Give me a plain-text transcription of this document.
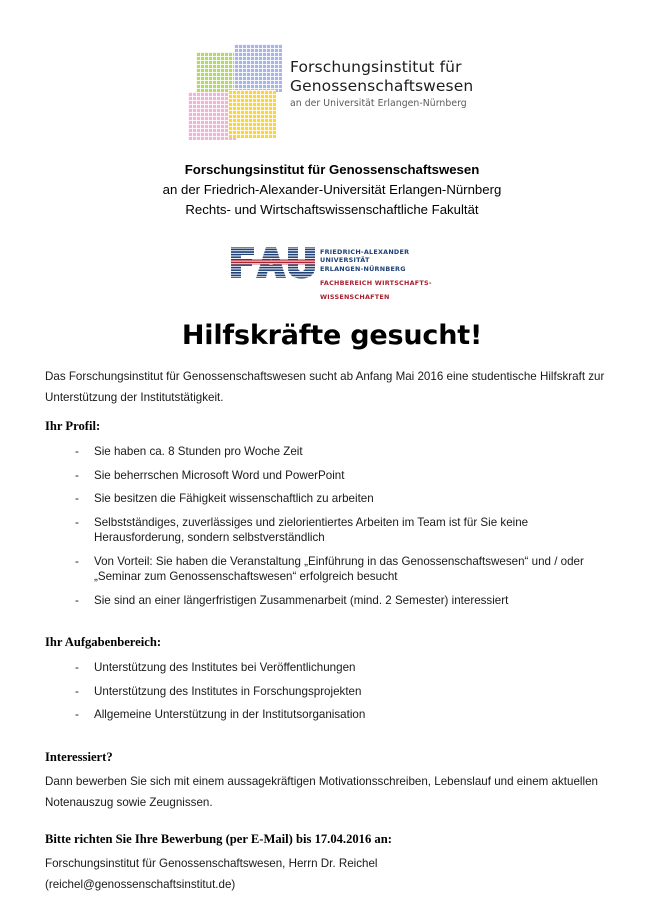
Forschungsinstitut für
Genossenschaftswesen
an der Universität Erlangen-Nürnberg
Forschungsinstitut für Genossenschaftswesen
an der Friedrich-Alexander-Universität Erlangen-Nürnberg
Rechts- und Wirtschaftswissenschaftliche Fakultät
FRIEDRICH-ALEXANDER
UNIVERSITÄT
ERLANGEN-NÜRNBERG
FACHBEREICH WIRTSCHAFTS-
WISSENSCHAFTEN
Hilfskräfte gesucht!

Das Forschungsinstitut für Genossenschaftswesen sucht ab Anfang Mai 2016 eine studentische Hilfskraft zur Unterstützung der Institutstätigkeit.

Ihr Profil:
- Sie haben ca. 8 Stunden pro Woche Zeit
- Sie beherrschen Microsoft Word und PowerPoint
- Sie besitzen die Fähigkeit wissenschaftlich zu arbeiten
- Selbstständiges, zuverlässiges und zielorientiertes Arbeiten im Team ist für Sie keine Herausforderung, sondern selbstverständlich
- Von Vorteil: Sie haben die Veranstaltung „Einführung in das Genossenschaftswesen“ und / oder „Seminar zum Genossenschaftswesen“ erfolgreich besucht
- Sie sind an einer längerfristigen Zusammenarbeit (mind. 2 Semester) interessiert
Ihr Aufgabenbereich:
- Unterstützung des Institutes bei Veröffentlichungen
- Unterstützung des Institutes in Forschungsprojekten
- Allgemeine Unterstützung in der Institutsorganisation
Interessiert?

Dann bewerben Sie sich mit einem aussagekräftigen Motivationsschreiben, Lebenslauf und einem aktuellen Notenauszug sowie Zeugnissen.

Bitte richten Sie Ihre Bewerbung (per E-Mail) bis 17.04.2016 an:

Forschungsinstitut für Genossenschaftswesen, Herrn Dr. Reichel

(reichel@genossenschaftsinstitut.de)
